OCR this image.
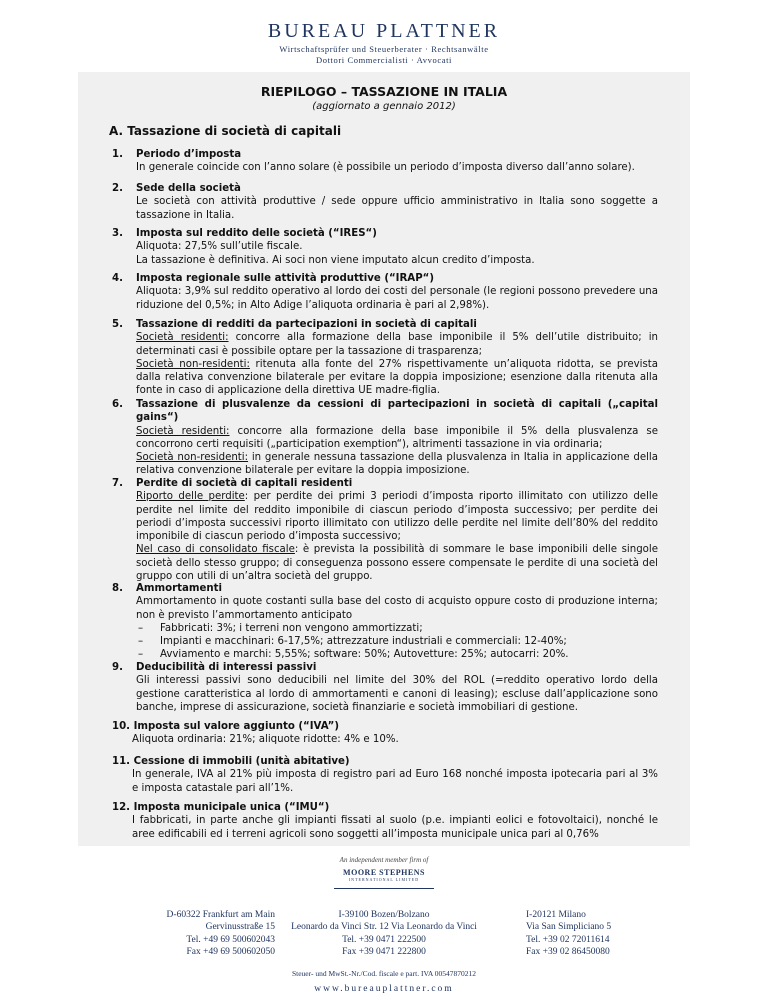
BUREAU PLATTNER
Wirtschaftsprüfer und Steuerberater · Rechtsanwälte
Dottori Commercialisti · Avvocati
RIEPILOGO – TASSAZIONE IN ITALIA
(aggiornato a gennaio 2012)
A. Tassazione di società di capitali
1. Periodo d’imposta
In generale coincide con l’anno solare (è possibile un periodo d’imposta diverso dall’anno solare).
2. Sede della società
Le società con attività produttive / sede oppure ufficio amministrativo in Italia sono soggette a tassazione in Italia.
3. Imposta sul reddito delle società (“IRES“)
Aliquota: 27,5% sull’utile fiscale.
La tassazione è definitiva. Ai soci non viene imputato alcun credito d’imposta.
4. Imposta regionale sulle attività produttive (“IRAP“)
Aliquota: 3,9% sul reddito operativo al lordo dei costi del personale (le regioni possono prevedere una riduzione del 0,5%; in Alto Adige l’aliquota ordinaria è pari al 2,98%).
5. Tassazione di redditi da partecipazioni in società di capitali
Società residenti: concorre alla formazione della base imponibile il 5% dell’utile distribuito; in determinati casi è possibile optare per la tassazione di trasparenza;
Società non-residenti: ritenuta alla fonte del 27% rispettivamente un’aliquota ridotta, se prevista dalla relativa convenzione bilaterale per evitare la doppia imposizione; esenzione dalla ritenuta alla fonte in caso di applicazione della direttiva UE madre-figlia.
6. Tassazione di plusvalenze da cessioni di partecipazioni in società di capitali („capital gains“)
Società residenti: concorre alla formazione della base imponibile il 5% della plusvalenza se concorrono certi requisiti („participation exemption“), altrimenti tassazione in via ordinaria;
Società non-residenti: in generale nessuna tassazione della plusvalenza in Italia in applicazione della relativa convenzione bilaterale per evitare la doppia imposizione.
7. Perdite di società di capitali residenti
Riporto delle perdite: per perdite dei primi 3 periodi d’imposta riporto illimitato con utilizzo delle perdite nel limite del reddito imponibile di ciascun periodo d’imposta successivo; per perdite dei periodi d’imposta successivi riporto illimitato con utilizzo delle perdite nel limite dell’80% del reddito imponibile di ciascun periodo d’imposta successivo;
Nel caso di consolidato fiscale: è prevista la possibilità di sommare le base imponibili delle singole società dello stesso gruppo; di conseguenza possono essere compensate le perdite di una società del gruppo con utili di un’altra società del gruppo.
8. Ammortamenti
Ammortamento in quote costanti sulla base del costo di acquisto oppure costo di produzione interna; non è previsto l’ammortamento anticipato
– Fabbricati: 3%; i terreni non vengono ammortizzati;
– Impianti e macchinari: 6-17,5%; attrezzature industriali e commerciali: 12-40%;
– Avviamento e marchi: 5,55%; software: 50%; Autovetture: 25%; autocarri: 20%.
9. Deducibilità di interessi passivi
Gli interessi passivi sono deducibili nel limite del 30% del ROL (=reddito operativo lordo della gestione caratteristica al lordo di ammortamenti e canoni di leasing); escluse dall’applicazione sono banche, imprese di assicurazione, società finanziarie e società immobiliari di gestione.
10. Imposta sul valore aggiunto (“IVA”)
Aliquota ordinaria: 21%; aliquote ridotte: 4% e 10%.
11. Cessione di immobili (unità abitative)
In generale, IVA al 21% più imposta di registro pari ad Euro 168 nonché imposta ipotecaria pari al 3% e imposta catastale pari all’1%.
12. Imposta municipale unica (“IMU“)
I fabbricati, in parte anche gli impianti fissati al suolo (p.e. impianti eolici e fotovoltaici), nonché le aree edificabili ed i terreni agricoli sono soggetti all’imposta municipale unica pari al 0,76%
An independent member firm of
MOORE STEPHENS
INTERNATIONAL LIMITED
D-60322 Frankfurt am Main
Gervinusstraße 15
Tel. +49 69 500602043
Fax +49 69 500602050
I-39100 Bozen/Bolzano
Leonardo da Vinci Str. 12 Via Leonardo da Vinci
Tel. +39 0471 222500
Fax +39 0471 222800
I-20121 Milano
Via San Simpliciano 5
Tel. +39 02 72011614
Fax +39 02 86450080
Steuer- und MwSt.-Nr./Cod. fiscale e part. IVA 00547870212
www.bureauplattner.com
